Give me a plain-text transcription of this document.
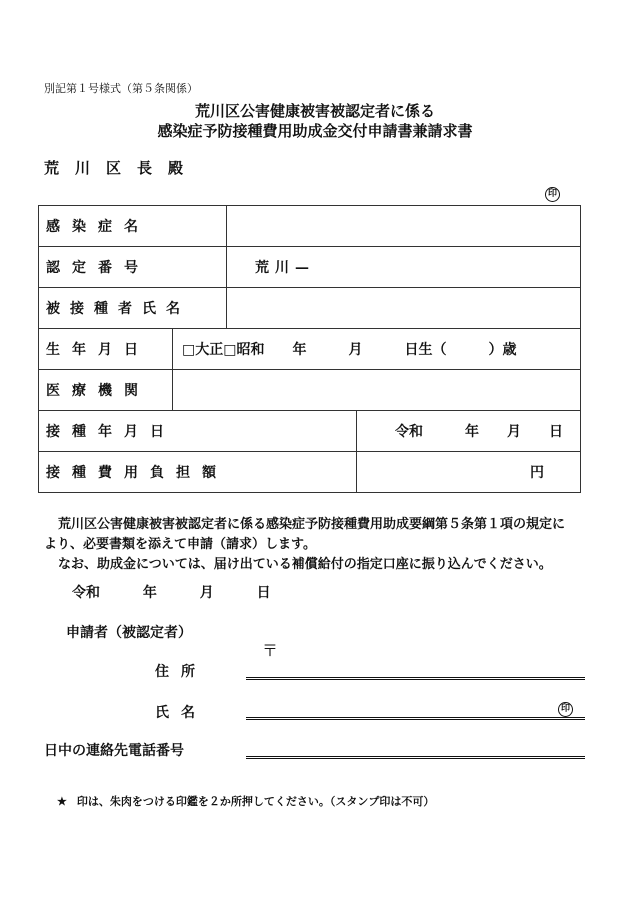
別記第１号様式（第５条関係）
荒川区公害健康被害被認定者に係る
感染症予防接種費用助成金交付申請書兼請求書
荒川区長殿
印
感染症名			
認定番号		荒川—	
被接種者氏名			
生年月日	□大正□昭和　　年　　　月　　　日生（　　　）歳		
医療機関			
接種年月日			令和　　　年　　月　　日
接種費用負担額			円
荒川区公害健康被害被認定者に係る感染症予防接種費用助成要綱第５条第１項の規定に
より、必要書類を添えて申請（請求）します。
なお、助成金については、届け出ている補償給付の指定口座に振り込んでください。
令和	年	月	日
申請者（被認定者）
〒
住所
氏名	印
日中の連絡先電話番号
★ 印は、朱肉をつける印鑑を２か所押してください。（スタンプ印は不可）
